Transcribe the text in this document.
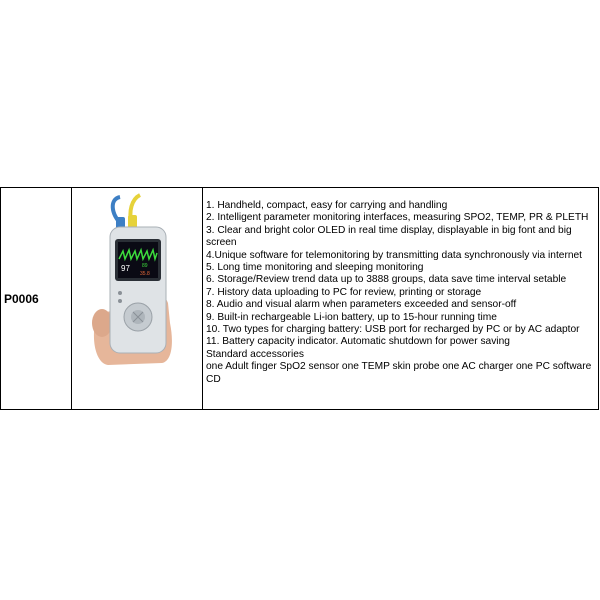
P0006
97 89
35.8
1. Handheld, compact, easy for carrying and handling
2. Intelligent parameter monitoring interfaces, measuring SPO2, TEMP, PR & PLETH
3. Clear and bright color OLED in real time display, displayable in big font and big screen
4.Unique software for telemonitoring by transmitting data synchronously via internet
5. Long time monitoring and sleeping monitoring
6. Storage/Review trend data up to 3888 groups, data save time interval setable
7. History data uploading to PC for review, printing or storage
8. Audio and visual alarm when parameters exceeded and sensor-off
9. Built-in rechargeable Li-ion battery, up to 15-hour running time
10. Two types for charging battery: USB port for recharged by PC or by AC adaptor
11. Battery capacity indicator. Automatic shutdown for power saving
Standard accessories
one Adult finger SpO2 sensor one TEMP skin probe one AC charger one PC software CD
